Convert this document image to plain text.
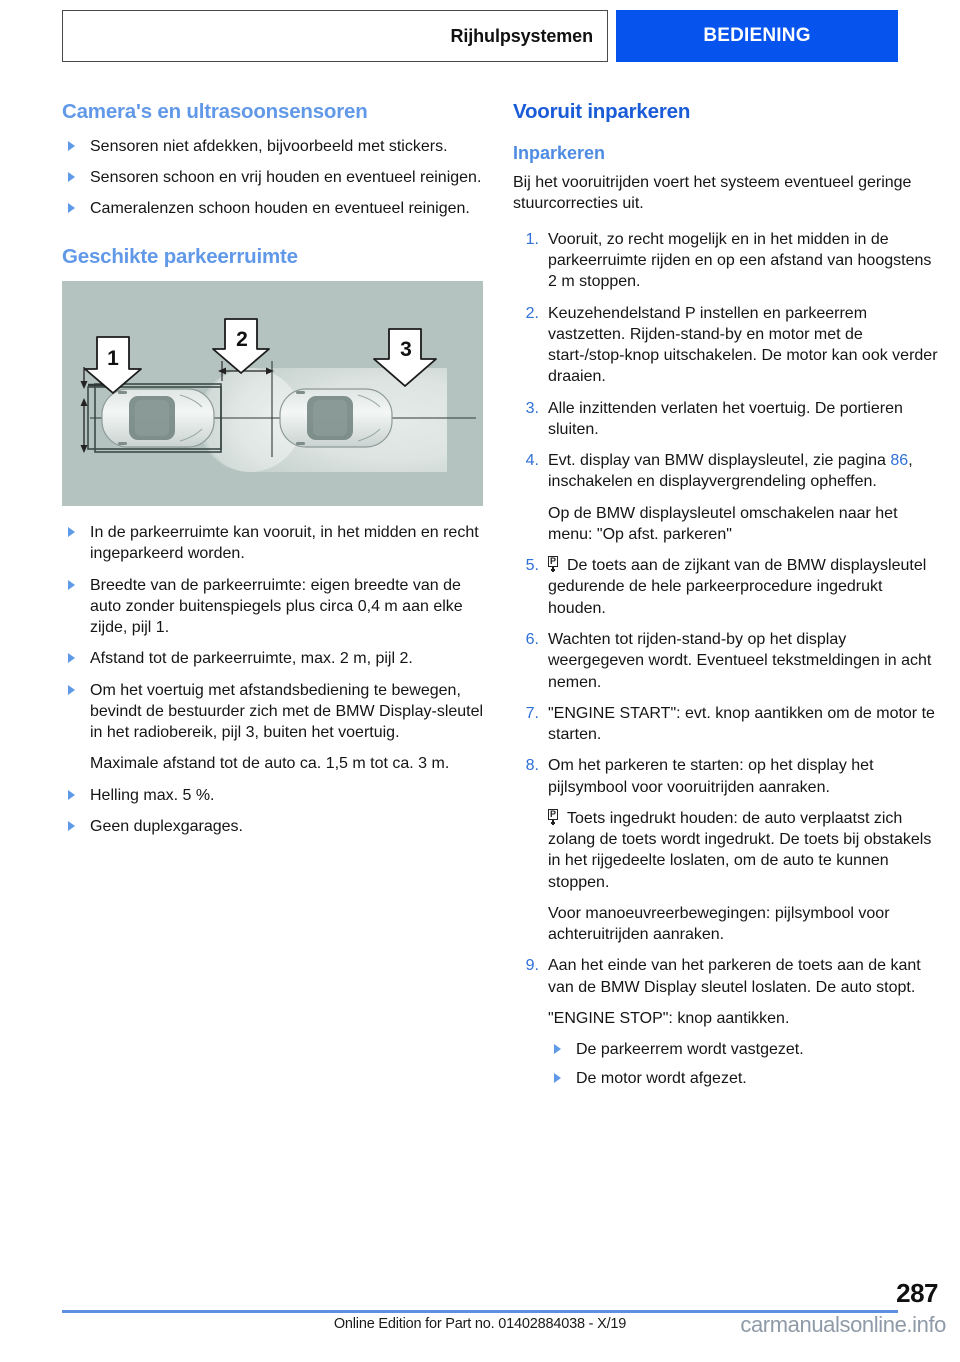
Rijhulpsystemen	BEDIENING
Camera's en ultrasoonsensoren
Sensoren niet afdekken, bijvoorbeeld met stickers.
Sensoren schoon en vrij houden en eventueel reinigen.
Cameralenzen schoon houden en eventueel reinigen.
Geschikte parkeerruimte
1
2	3
In de parkeerruimte kan vooruit, in het midden en recht ingeparkeerd worden.
Breedte van de parkeerruimte: eigen breedte van de auto zonder buitenspiegels plus circa 0,4 m aan elke zijde, pijl 1.
Afstand tot de parkeerruimte, max. 2 m, pijl 2.
Om het voertuig met afstandsbediening te bewegen, bevindt de bestuurder zich met de BMW Display-sleutel in het radiobereik, pijl 3, buiten het voertuig.
Maximale afstand tot de auto ca. 1,5 m tot ca. 3 m.
Helling max. 5 %.
Geen duplexgarages.
Vooruit inparkeren
Inparkeren

Bij het vooruitrijden voert het systeem eventueel geringe stuurcorrecties uit.

1. Vooruit, zo recht mogelijk en in het midden in de parkeerruimte rijden en op een afstand van hoogstens 2 m stoppen.
2. Keuzehendelstand P instellen en parkeerrem vastzetten. Rijden-stand-by en motor met de start-/stop-knop uitschakelen. De motor kan ook verder draaien.
3. Alle inzittenden verlaten het voertuig. De portieren sluiten.
4. Evt. display van BMW displaysleutel, zie pagina 86, inschakelen en displayvergrendeling opheffen.
Op de BMW displaysleutel omschakelen naar het menu: "Op afst. parkeren"
5. P De toets aan de zijkant van de BMW displaysleutel gedurende de hele parkeerprocedure ingedrukt houden.
6. Wachten tot rijden-stand-by op het display weergegeven wordt. Eventueel tekstmeldingen in acht nemen.
7. "ENGINE START": evt. knop aantikken om de motor te starten.
8. Om het parkeren te starten: op het display het pijlsymbool voor vooruitrijden aanraken.
P Toets ingedrukt houden: de auto verplaatst zich zolang de toets wordt ingedrukt. De toets bij obstakels in het rijgedeelte loslaten, om de auto te kunnen stoppen.
Voor manoeuvreerbewegingen: pijlsymbool voor achteruitrijden aanraken.
9. Aan het einde van het parkeren de toets aan de kant van de BMW Display sleutel loslaten. De auto stopt.
"ENGINE STOP": knop aantikken.
De parkeerrem wordt vastgezet.
De motor wordt afgezet.
287
Online Edition for Part no. 01402884038 - X/19	carmanualsonline.info
